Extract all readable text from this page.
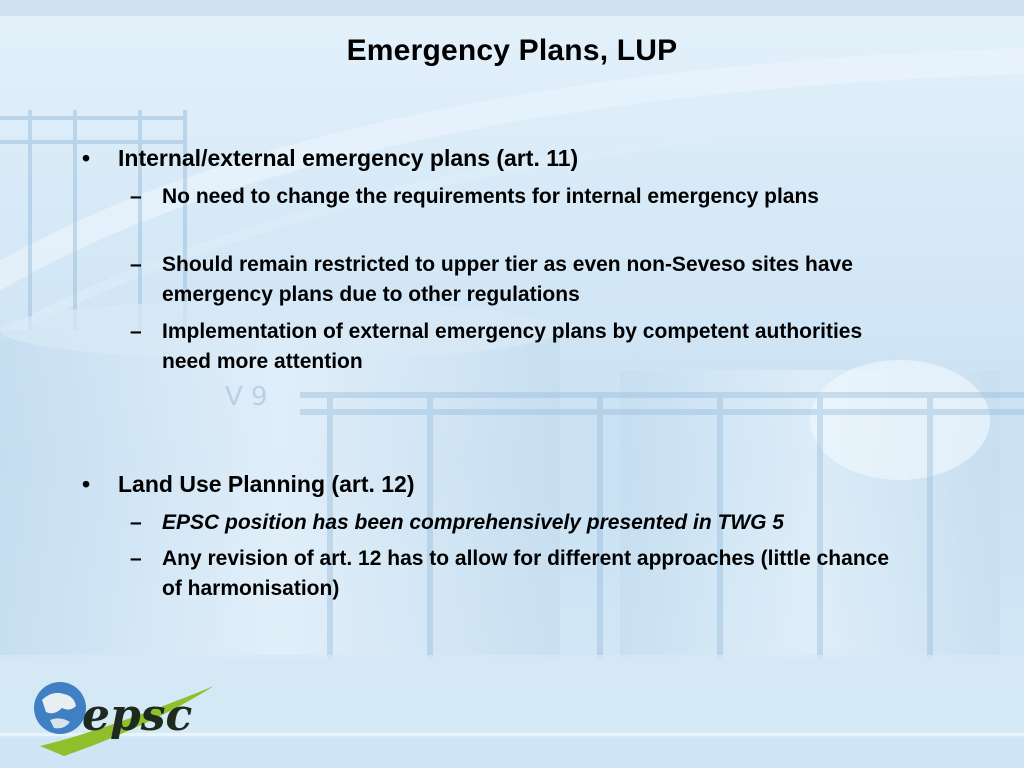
V 9
Emergency Plans, LUP
• Internal/external emergency plans (art. 11)
– No need to change the requirements for internal emergency plans
– Should remain restricted to upper tier as even non-Seveso sites have emergency plans due to other regulations
– Implementation of external emergency plans by competent authorities need more attention
• Land Use Planning (art. 12)
– EPSC position has been comprehensively presented in TWG 5
– Any revision of art. 12 has to allow for different approaches (little chance of harmonisation)
epsc
